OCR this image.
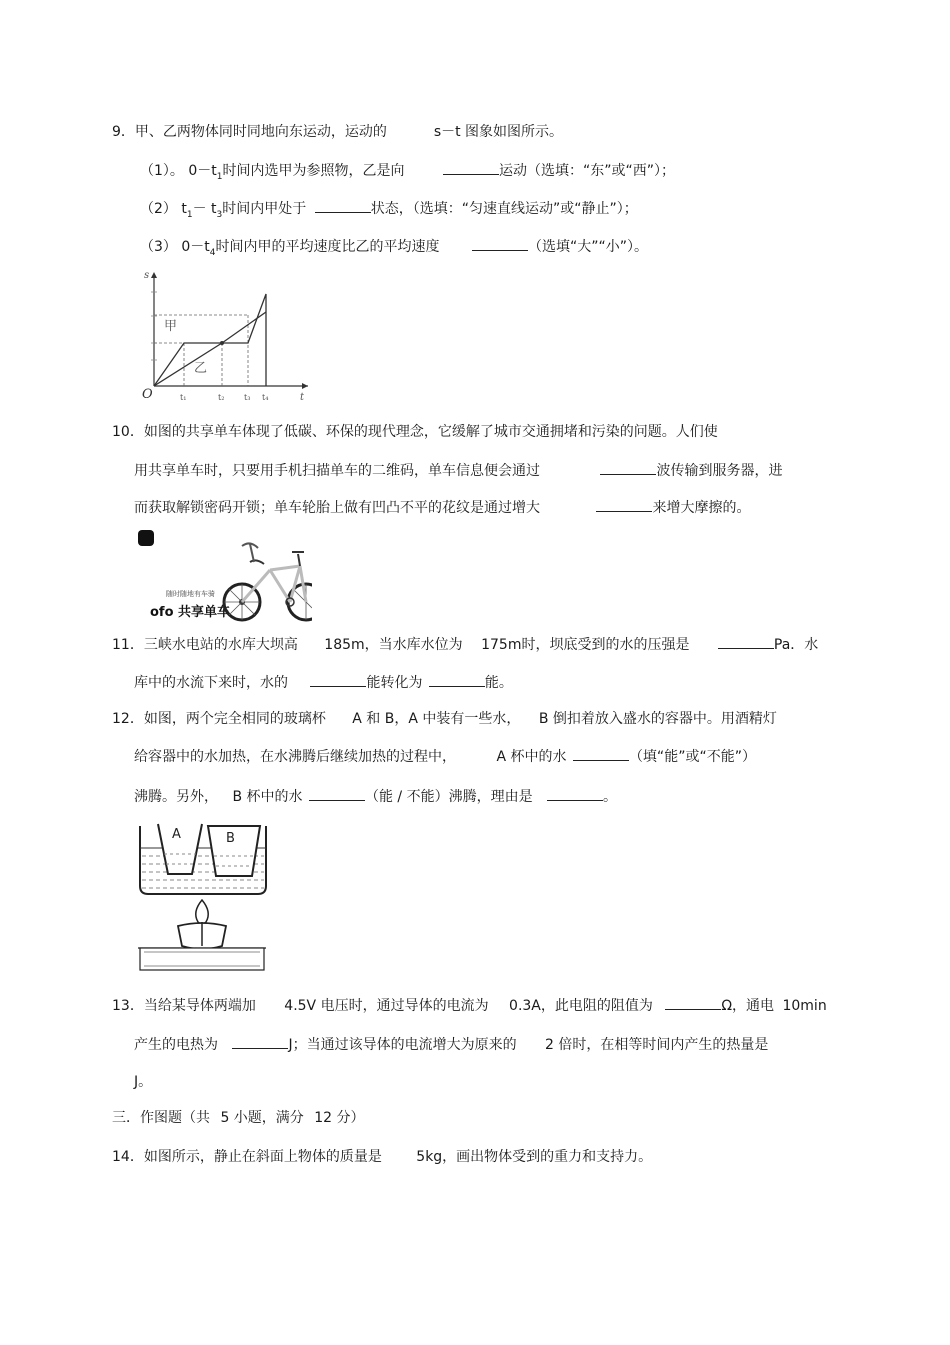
9．甲、乙两物体同时同地向东运动，运动的	s－t 图象如图所示。
（1）。 $0-t_1$时间内选甲为参照物，乙是向	运动（选填：“东”或“西”）；
（2） $t_1- t_3$时间内甲处于	状态，（选填：“匀速直线运动”或“静止”）；
（3） $0-t_4$时间内甲的平均速度比乙的平均速度	（选填“大”“小”）。
甲
乙
O	t
s
t₁	t₂ t₃ t₄
10．如图的共享单车体现了低碳、环保的现代理念，它缓解了城市交通拥堵和污染的问题。人们使
用共享单车时，只要用手机扫描单车的二维码，单车信息便会通过	波传输到服务器，进
而获取解锁密码开锁；单车轮胎上做有凹凸不平的花纹是通过增大	来增大摩擦的。
随时随地有车骑
ofo 共享单车
11．三峡水电站的水库大坝高 185m，当水库水位为 175m时，坝底受到的水的压强是	Pa．水
库中的水流下来时，水的	能转化为	能。
12．如图，两个完全相同的玻璃杯 A 和 B，A 中装有一些水， B 倒扣着放入盛水的容器中。用酒精灯
给容器中的水加热，在水沸腾后继续加热的过程中，	A 杯中的水	（填“能”或“不能”）
沸腾。另外， B 杯中的水	（能 / 不能）沸腾，理由是	。
A	B
13．当给某导体两端加 4.5V 电压时，通过导体的电流为 0.3A，此电阻的阻值为	Ω，通电 10min
产生的电热为	J；当通过该导体的电流增大为原来的 2 倍时，在相等时间内产生的热量是
J。
三．作图题（共 5 小题，满分 12 分）
14．如图所示，静止在斜面上物体的质量是 5kg，画出物体受到的重力和支持力。
